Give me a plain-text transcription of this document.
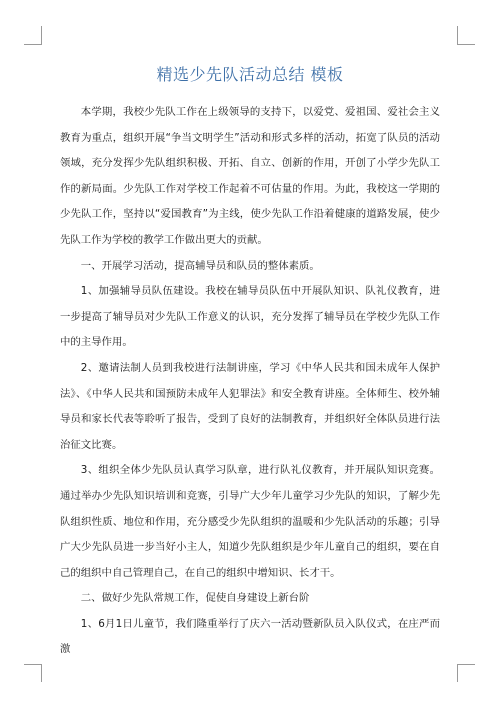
精选少先队活动总结 模板

本学期，我校少先队工作在上级领导的支持下，以爱党、爱祖国、爱社会主义教育为重点，组织开展“争当文明学生”活动和形式多样的活动，拓宽了队员的活动领域，充分发挥少先队组织积极、开拓、自立、创新的作用，开创了小学少先队工作的新局面。少先队工作对学校工作起着不可估量的作用。为此，我校这一学期的少先队工作，坚持以“爱国教育”为主线，使少先队工作沿着健康的道路发展，使少先队工作为学校的教学工作做出更大的贡献。

一、开展学习活动，提高辅导员和队员的整体素质。

1、加强辅导员队伍建设。我校在辅导员队伍中开展队知识、队礼仪教育，进一步提高了辅导员对少先队工作意义的认识，充分发挥了辅导员在学校少先队工作中的主导作用。

2、邀请法制人员到我校进行法制讲座，学习《中华人民共和国未成年人保护法》、《中华人民共和国预防未成年人犯罪法》和安全教育讲座。全体师生、校外辅导员和家长代表等聆听了报告，受到了良好的法制教育，并组织好全体队员进行法治征文比赛。

3、组织全体少先队员认真学习队章，进行队礼仪教育，并开展队知识竞赛。通过举办少先队知识培训和竞赛，引导广大少年儿童学习少先队的知识，了解少先队组织性质、地位和作用，充分感受少先队组织的温暖和少先队活动的乐趣；引导广大少先队员进一步当好小主人，知道少先队组织是少年儿童自己的组织，要在自己的组织中自己管理自己，在自己的组织中增知识、长才干。

二、做好少先队常规工作，促使自身建设上新台阶

1、6月1日儿童节，我们隆重举行了庆六一活动暨新队员入队仪式，在庄严而激
